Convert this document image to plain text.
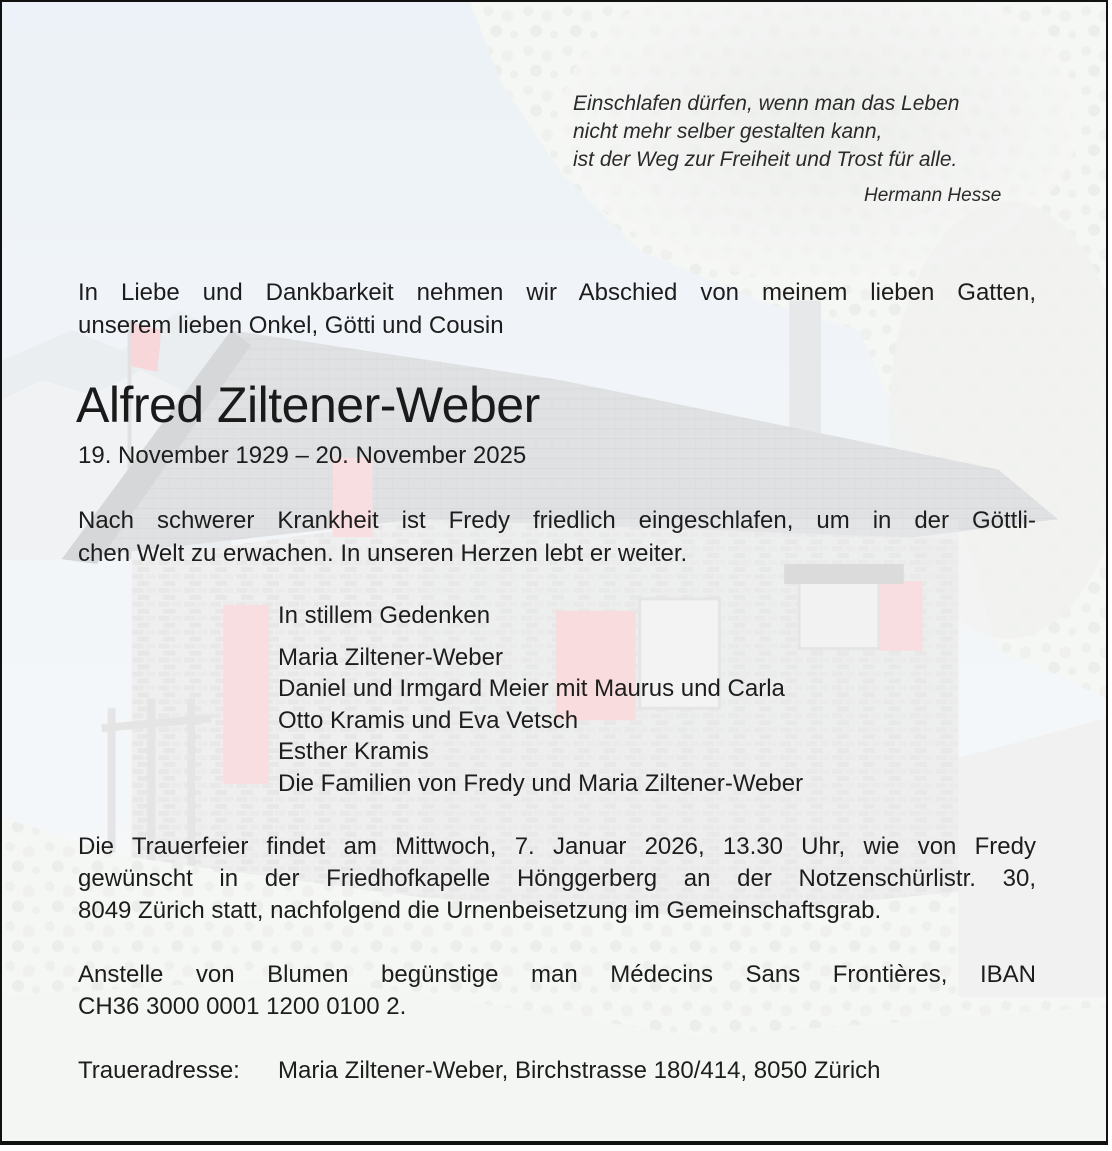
Einschlafen dürfen, wenn man das Leben
nicht mehr selber gestalten kann,
ist der Weg zur Freiheit und Trost für alle.
Hermann Hesse
In Liebe und Dankbarkeit nehmen wir Abschied von meinem lieben Gatten,
unserem lieben Onkel, Götti und Cousin
Alfred Ziltener-Weber
19. November 1929 – 20. November 2025
Nach schwerer Krankheit ist Fredy friedlich eingeschlafen, um in der Göttli-
chen Welt zu erwachen. In unseren Herzen lebt er weiter.
In stillem Gedenken
Maria Ziltener-Weber
Daniel und Irmgard Meier mit Maurus und Carla
Otto Kramis und Eva Vetsch
Esther Kramis
Die Familien von Fredy und Maria Ziltener-Weber
Die Trauerfeier findet am Mittwoch, 7. Januar 2026, 13.30 Uhr, wie von Fredy
gewünscht in der Friedhofkapelle Hönggerberg an der Notzenschürlistr. 30,
8049 Zürich statt, nachfolgend die Urnenbeisetzung im Gemeinschaftsgrab.
Anstelle von Blumen begünstige man Médecins Sans Frontières, IBAN
CH36 3000 0001 1200 0100 2.
Traueradresse: Maria Ziltener-Weber, Birchstrasse 180/414, 8050 Zürich
